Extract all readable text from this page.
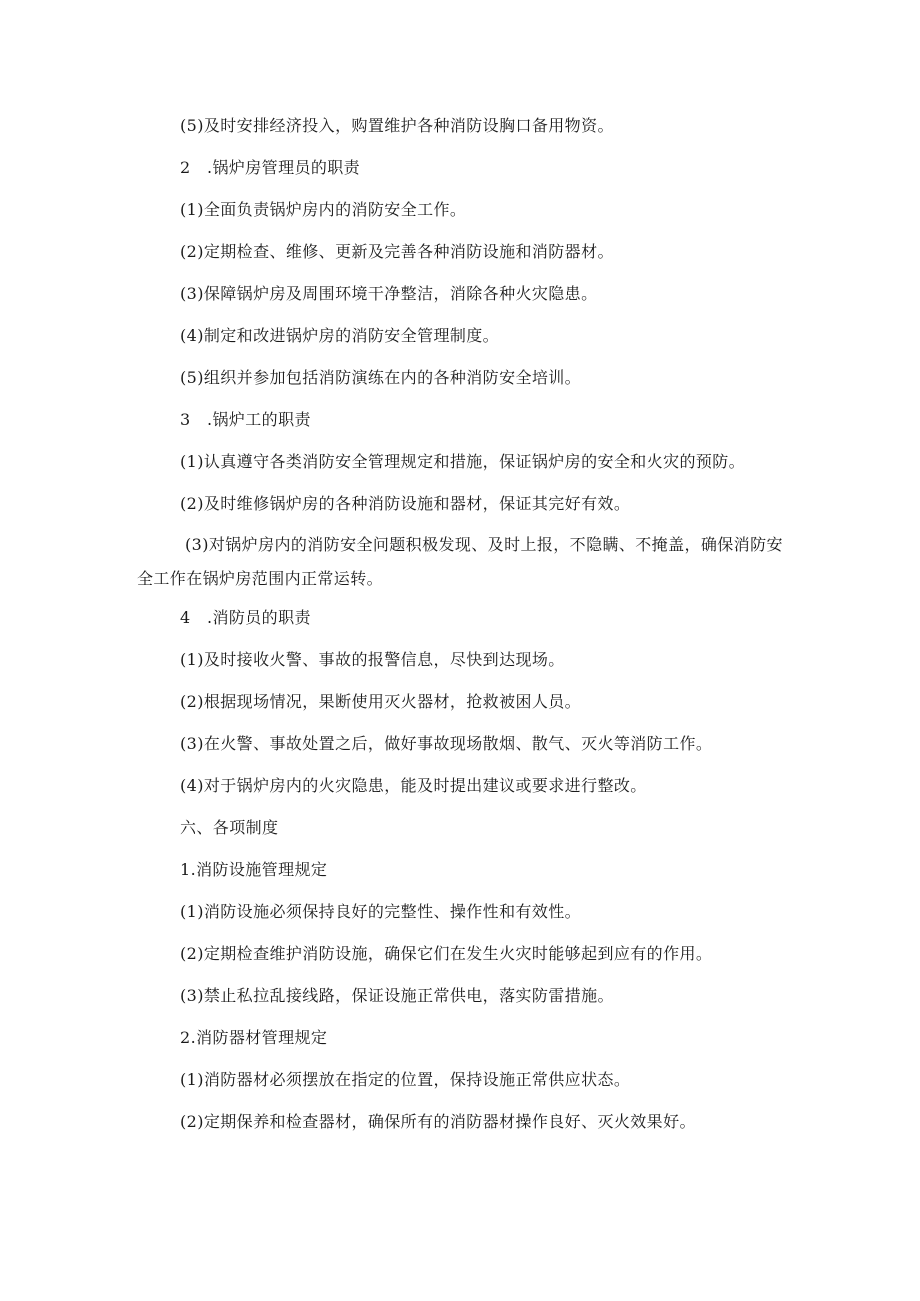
(5)及时安排经济投入，购置维护各种消防设胸口备用物资。
2　.锅炉房管理员的职责
(1)全面负责锅炉房内的消防安全工作。
(2)定期检查、维修、更新及完善各种消防设施和消防器材。
(3)保障锅炉房及周围环境干净整洁，消除各种火灾隐患。
(4)制定和改进锅炉房的消防安全管理制度。
(5)组织并参加包括消防演练在内的各种消防安全培训。
3　.锅炉工的职责
(1)认真遵守各类消防安全管理规定和措施，保证锅炉房的安全和火灾的预防。
(2)及时维修锅炉房的各种消防设施和器材，保证其完好有效。

(3)对锅炉房内的消防安全问题积极发现、及时上报，不隐瞒、不掩盖，确保消防安全工作在锅炉房范围内正常运转。

4　.消防员的职责
(1)及时接收火警、事故的报警信息，尽快到达现场。
(2)根据现场情况，果断使用灭火器材，抢救被困人员。
(3)在火警、事故处置之后，做好事故现场散烟、散气、灭火等消防工作。
(4)对于锅炉房内的火灾隐患，能及时提出建议或要求进行整改。
六、各项制度
1.消防设施管理规定
(1)消防设施必须保持良好的完整性、操作性和有效性。
(2)定期检查维护消防设施，确保它们在发生火灾时能够起到应有的作用。
(3)禁止私拉乱接线路，保证设施正常供电，落实防雷措施。
2.消防器材管理规定
(1)消防器材必须摆放在指定的位置，保持设施正常供应状态。
(2)定期保养和检查器材，确保所有的消防器材操作良好、灭火效果好。
